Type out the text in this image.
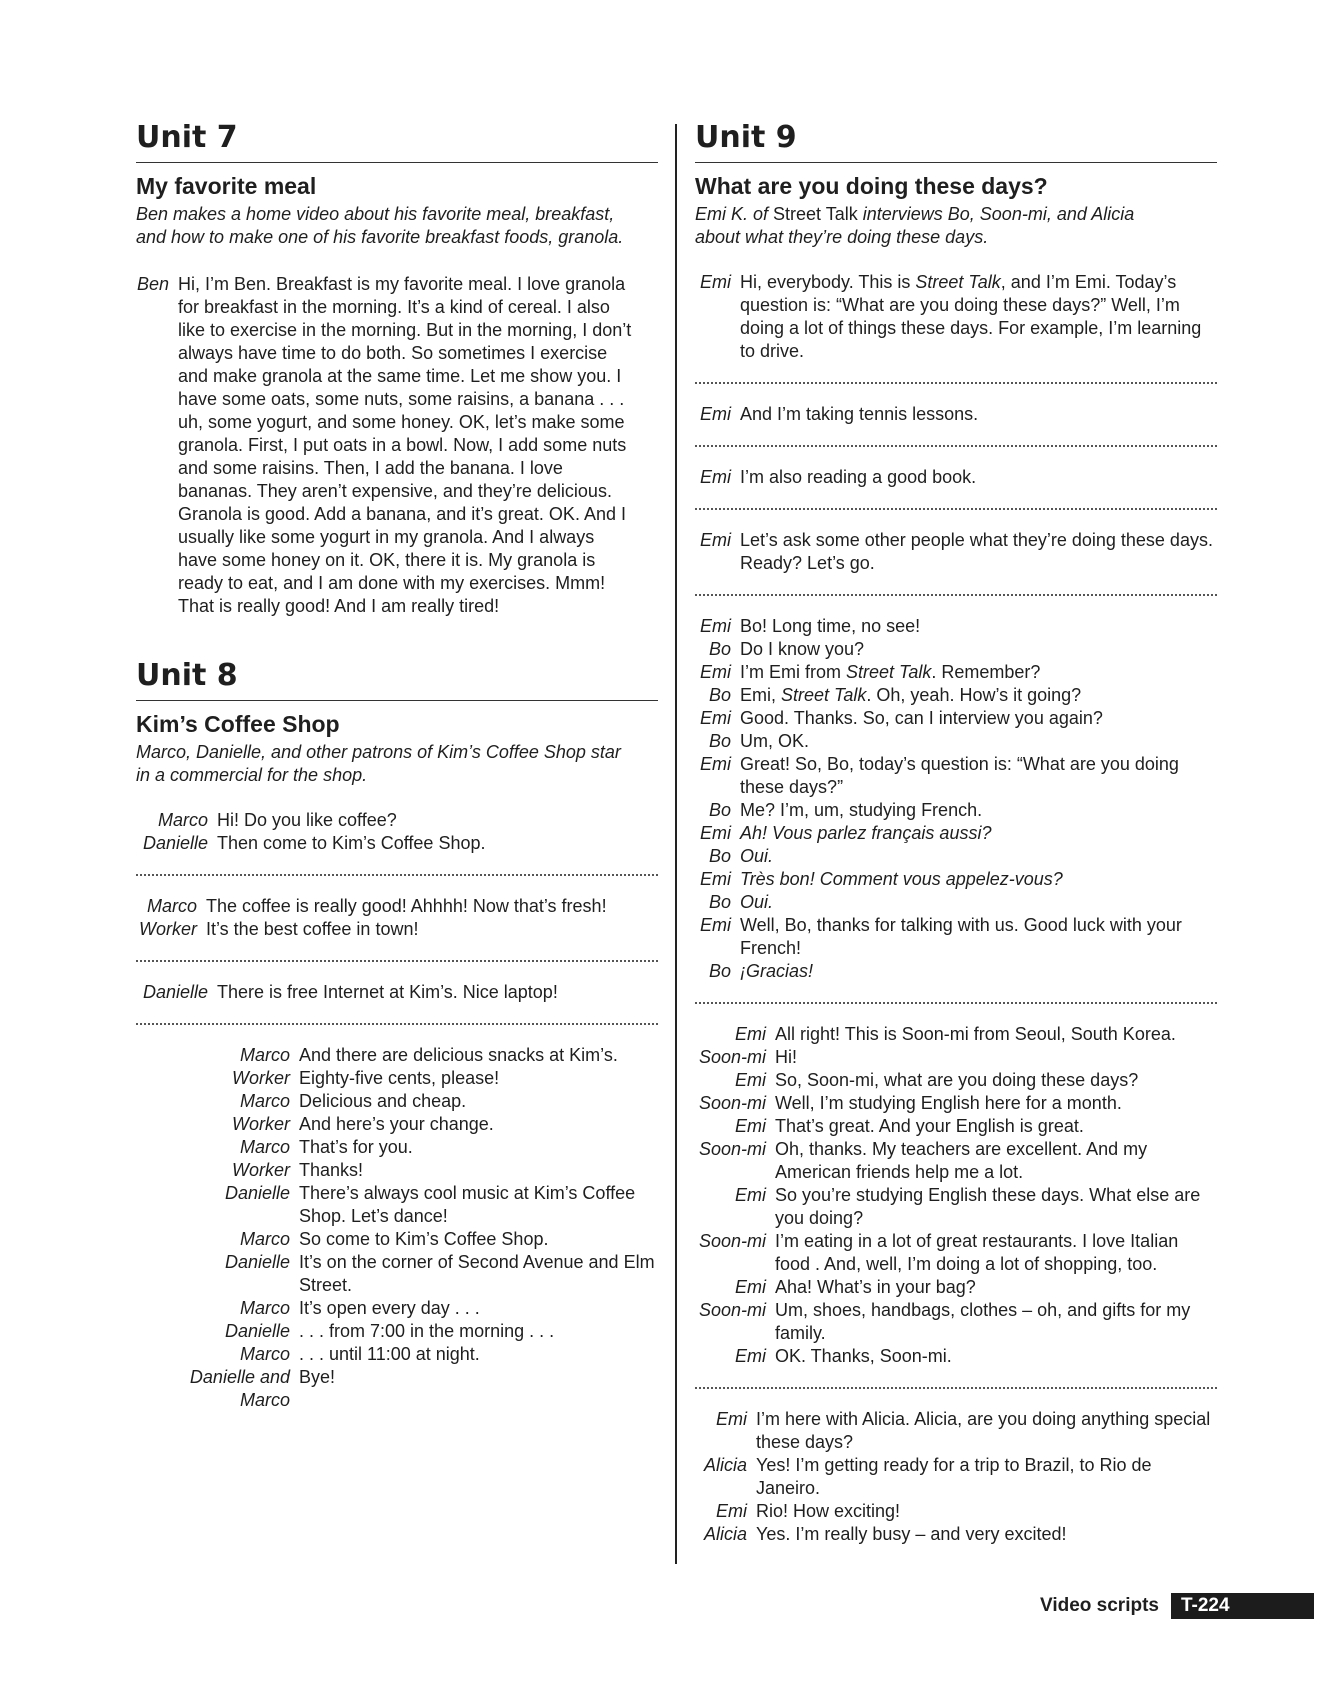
Unit 7
My favorite meal

Ben makes a home video about his favorite meal, breakfast, and how to make one of his favorite breakfast foods, granola.

Ben Hi, I’m Ben. Breakfast is my favorite meal. I love granola for breakfast in the morning. It’s a kind of cereal. I also like to exercise in the morning. But in the morning, I don’t always have time to do both. So sometimes I exercise and make granola at the same time. Let me show you. I have some oats, some nuts, some raisins, a banana . . . uh, some yogurt, and some honey. OK, let’s make some granola. First, I put oats in a bowl. Now, I add some nuts and some raisins. Then, I add the banana. I love bananas. They aren’t expensive, and they’re delicious. Granola is good. Add a banana, and it’s great. OK. And I usually like some yogurt in my granola. And I always have some honey on it. OK, there it is. My granola is ready to eat, and I am done with my exercises. Mmm! That is really good! And I am really tired!
Unit 8
Kim’s Coffee Shop

Marco, Danielle, and other patrons of Kim’s Coffee Shop star in a commercial for the shop.

Marco Hi! Do you like coffee?
Danielle Then come to Kim’s Coffee Shop.
Marco The coffee is really good! Ahhhh! Now that’s fresh!
Worker It’s the best coffee in town!
Danielle There is free Internet at Kim’s. Nice laptop!
Marco And there are delicious snacks at Kim’s.
Worker Eighty-five cents, please!
Marco Delicious and cheap.
Worker And here’s your change.
Marco That’s for you.
Worker Thanks!
Danielle There’s always cool music at Kim’s Coffee Shop. Let’s dance!
Marco So come to Kim’s Coffee Shop.
Danielle It’s on the corner of Second Avenue and Elm Street.
Marco It’s open every day . . .
Danielle . . . from 7:00 in the morning . . .
Marco . . . until 11:00 at night.
Danielle and Marco
Bye!
Unit 9
What are you doing these days?

Emi K. of Street Talk interviews Bo, Soon-mi, and Alicia about what they’re doing these days.

Emi Hi, everybody. This is Street Talk, and I’m Emi. Today’s question is: “What are you doing these days?” Well, I’m doing a lot of things these days. For example, I’m learning to drive.
Emi And I’m taking tennis lessons.
Emi I’m also reading a good book.
Emi Let’s ask some other people what they’re doing these days. Ready? Let’s go.
Emi Bo! Long time, no see!
Bo Do I know you?
Emi I’m Emi from Street Talk. Remember?
Bo Emi, Street Talk. Oh, yeah. How’s it going?
Emi Good. Thanks. So, can I interview you again?
Bo Um, OK.
Emi Great! So, Bo, today’s question is: “What are you doing these days?”
Bo Me? I’m, um, studying French.
Emi Ah! Vous parlez français aussi?
Bo Oui.
Emi Très bon! Comment vous appelez-vous?
Bo Oui.
Emi Well, Bo, thanks for talking with us. Good luck with your French!
Bo ¡Gracias!
Emi All right! This is Soon-mi from Seoul, South Korea.
Soon-mi Hi!
Emi So, Soon-mi, what are you doing these days?
Soon-mi Well, I’m studying English here for a month.
Emi That’s great. And your English is great.
Soon-mi Oh, thanks. My teachers are excellent. And my American friends help me a lot.
Emi So you’re studying English these days. What else are you doing?
Soon-mi I’m eating in a lot of great restaurants. I love Italian food . And, well, I’m doing a lot of shopping, too.
Emi Aha! What’s in your bag?
Soon-mi Um, shoes, handbags, clothes – oh, and gifts for my family.
Emi OK. Thanks, Soon-mi.
Emi I’m here with Alicia. Alicia, are you doing anything special these days?
Alicia Yes! I’m getting ready for a trip to Brazil, to Rio de Janeiro.
Emi Rio! How exciting!
Alicia Yes. I’m really busy – and very excited!
Video scripts	T-224
